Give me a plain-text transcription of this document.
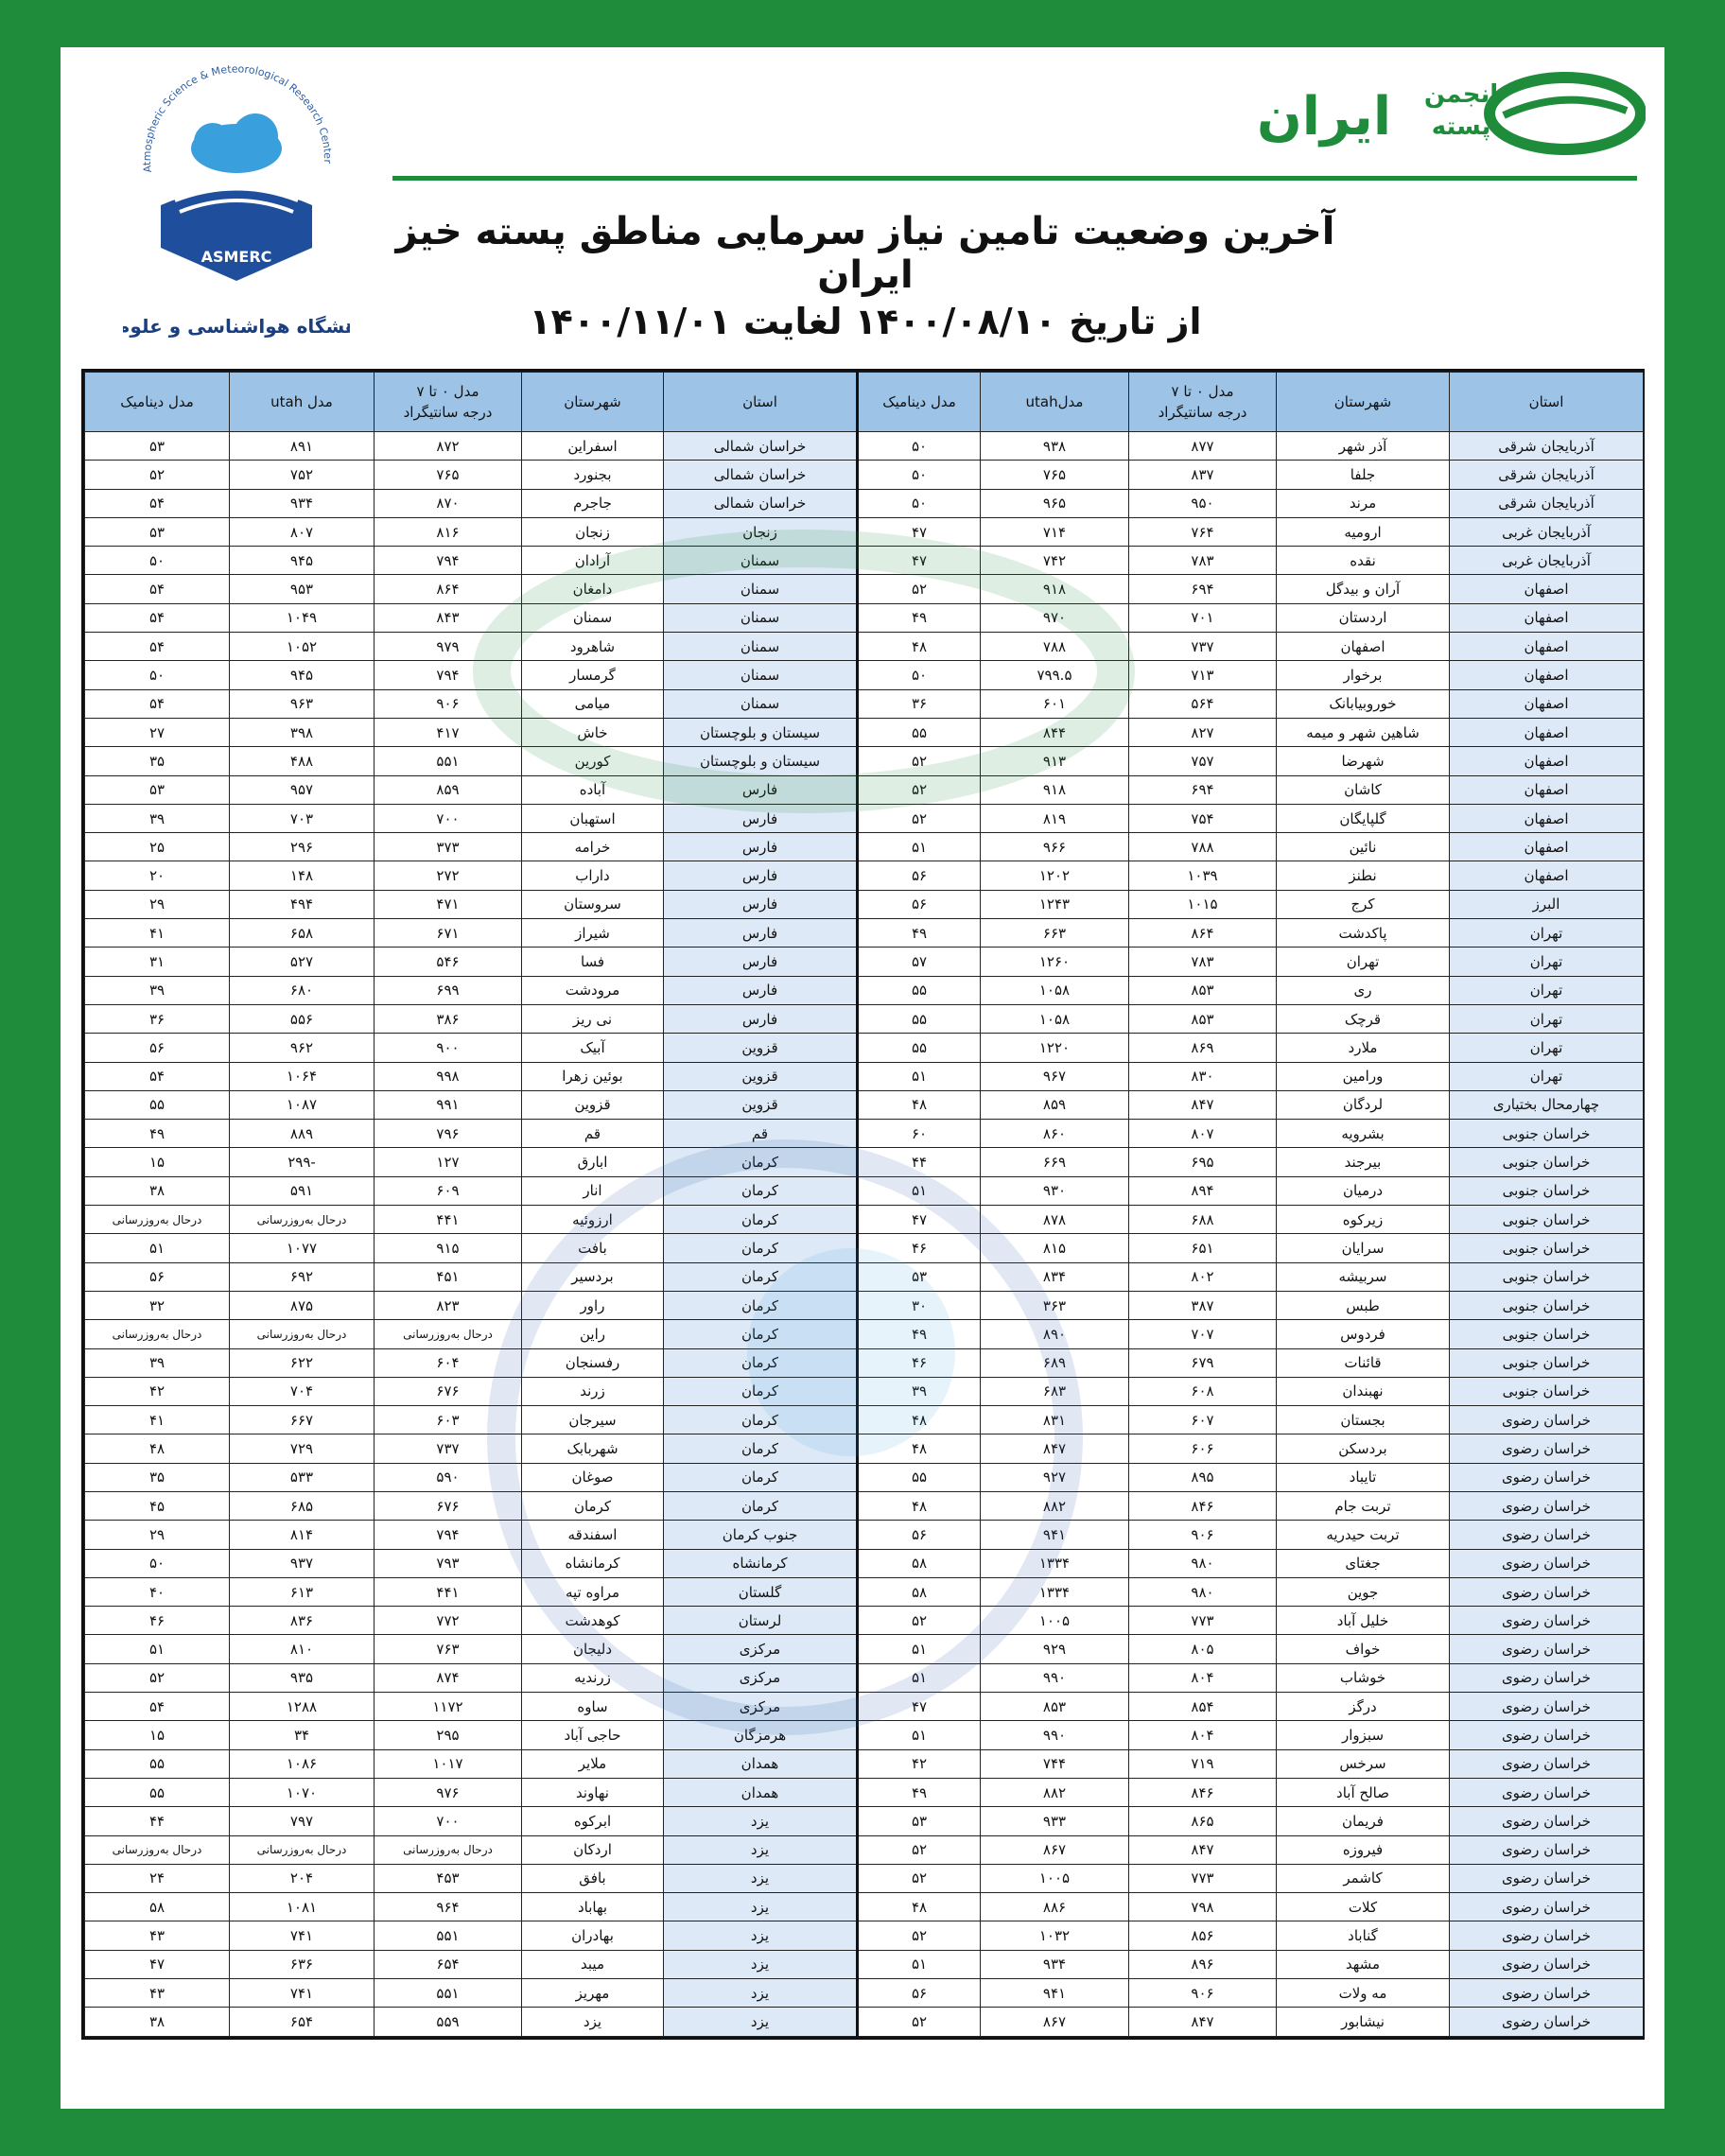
Atmospheric Science & Meteorological Research Center
ASMERC
شگاه هواشناسی و علوم
انجمن
پسته
ایران
آخرین وضعیت تامین نیاز سرمایی مناطق پسته خیز ایران
از تاریخ ۱۴۰۰/۰۸/۱۰ لغایت ۱۴۰۰/۱۱/۰۱
استان	شهرستان	مدل ۰ تا ۷
درجه سانتیگراد	مدلutah	مدل دینامیک	استان	شهرستان	مدل ۰ تا ۷
درجه سانتیگراد	مدل utah	مدل دینامیک
آذربایجان شرقی	آذر شهر	۸۷۷	۹۳۸	۵۰	خراسان شمالی	اسفراین	۸۷۲	۸۹۱	۵۳
آذربایجان شرقی	جلفا	۸۳۷	۷۶۵	۵۰	خراسان شمالی	بجنورد	۷۶۵	۷۵۲	۵۲
آذربایجان شرقی	مرند	۹۵۰	۹۶۵	۵۰	خراسان شمالی	جاجرم	۸۷۰	۹۳۴	۵۴
آذربایجان غربی	ارومیه	۷۶۴	۷۱۴	۴۷	زنجان	زنجان	۸۱۶	۸۰۷	۵۳
آذربایجان غربی	نقده	۷۸۳	۷۴۲	۴۷	سمنان	آرادان	۷۹۴	۹۴۵	۵۰
اصفهان	آران و بیدگل	۶۹۴	۹۱۸	۵۲	سمنان	دامغان	۸۶۴	۹۵۳	۵۴
اصفهان	اردستان	۷۰۱	۹۷۰	۴۹	سمنان	سمنان	۸۴۳	۱۰۴۹	۵۴
اصفهان	اصفهان	۷۳۷	۷۸۸	۴۸	سمنان	شاهرود	۹۷۹	۱۰۵۲	۵۴
اصفهان	برخوار	۷۱۳	۷۹۹.۵	۵۰	سمنان	گرمسار	۷۹۴	۹۴۵	۵۰
اصفهان	خوروبیابانک	۵۶۴	۶۰۱	۳۶	سمنان	میامی	۹۰۶	۹۶۳	۵۴
اصفهان	شاهین شهر و میمه	۸۲۷	۸۴۴	۵۵	سیستان و بلوچستان	خاش	۴۱۷	۳۹۸	۲۷
اصفهان	شهرضا	۷۵۷	۹۱۳	۵۲	سیستان و بلوچستان	کورین	۵۵۱	۴۸۸	۳۵
اصفهان	کاشان	۶۹۴	۹۱۸	۵۲	فارس	آباده	۸۵۹	۹۵۷	۵۳
اصفهان	گلپایگان	۷۵۴	۸۱۹	۵۲	فارس	استهبان	۷۰۰	۷۰۳	۳۹
اصفهان	نائین	۷۸۸	۹۶۶	۵۱	فارس	خرامه	۳۷۳	۲۹۶	۲۵
اصفهان	نطنز	۱۰۳۹	۱۲۰۲	۵۶	فارس	داراب	۲۷۲	۱۴۸	۲۰
البرز	کرج	۱۰۱۵	۱۲۴۳	۵۶	فارس	سروستان	۴۷۱	۴۹۴	۲۹
تهران	پاکدشت	۸۶۴	۶۶۳	۴۹	فارس	شیراز	۶۷۱	۶۵۸	۴۱
تهران	تهران	۷۸۳	۱۲۶۰	۵۷	فارس	فسا	۵۴۶	۵۲۷	۳۱
تهران	ری	۸۵۳	۱۰۵۸	۵۵	فارس	مرودشت	۶۹۹	۶۸۰	۳۹
تهران	قرچک	۸۵۳	۱۰۵۸	۵۵	فارس	نی ریز	۳۸۶	۵۵۶	۳۶
تهران	ملارد	۸۶۹	۱۲۲۰	۵۵	قزوین	آبیک	۹۰۰	۹۶۲	۵۶
تهران	ورامین	۸۳۰	۹۶۷	۵۱	قزوین	بوئین زهرا	۹۹۸	۱۰۶۴	۵۴
چهارمحال بختیاری	لردگان	۸۴۷	۸۵۹	۴۸	قزوین	قزوین	۹۹۱	۱۰۸۷	۵۵
خراسان جنوبی	بشرویه	۸۰۷	۸۶۰	۶۰	قم	قم	۷۹۶	۸۸۹	۴۹
خراسان جنوبی	بیرجند	۶۹۵	۶۶۹	۴۴	کرمان	ابارق	۱۲۷	-۲۹۹	۱۵
خراسان جنوبی	درمیان	۸۹۴	۹۳۰	۵۱	کرمان	انار	۶۰۹	۵۹۱	۳۸
خراسان جنوبی	زیرکوه	۶۸۸	۸۷۸	۴۷	کرمان	ارزوئیه	۴۴۱	درحال به‌روزرسانی	درحال به‌روزرسانی
خراسان جنوبی	سرایان	۶۵۱	۸۱۵	۴۶	کرمان	بافت	۹۱۵	۱۰۷۷	۵۱
خراسان جنوبی	سربیشه	۸۰۲	۸۳۴	۵۳	کرمان	بردسیر	۴۵۱	۶۹۲	۵۶
خراسان جنوبی	طبس	۳۸۷	۳۶۳	۳۰	کرمان	راور	۸۲۳	۸۷۵	۳۲
خراسان جنوبی	فردوس	۷۰۷	۸۹۰	۴۹	کرمان	راین	درحال به‌روزرسانی	درحال به‌روزرسانی	درحال به‌روزرسانی
خراسان جنوبی	قائنات	۶۷۹	۶۸۹	۴۶	کرمان	رفسنجان	۶۰۴	۶۲۲	۳۹
خراسان جنوبی	نهبندان	۶۰۸	۶۸۳	۳۹	کرمان	زرند	۶۷۶	۷۰۴	۴۲
خراسان رضوی	بجستان	۶۰۷	۸۳۱	۴۸	کرمان	سیرجان	۶۰۳	۶۶۷	۴۱
خراسان رضوی	بردسکن	۶۰۶	۸۴۷	۴۸	کرمان	شهربابک	۷۳۷	۷۲۹	۴۸
خراسان رضوی	تایباد	۸۹۵	۹۲۷	۵۵	کرمان	صوغان	۵۹۰	۵۳۳	۳۵
خراسان رضوی	تربت جام	۸۴۶	۸۸۲	۴۸	کرمان	کرمان	۶۷۶	۶۸۵	۴۵
خراسان رضوی	تربت حیدریه	۹۰۶	۹۴۱	۵۶	جنوب کرمان	اسفندقه	۷۹۴	۸۱۴	۲۹
خراسان رضوی	جغتای	۹۸۰	۱۳۳۴	۵۸	کرمانشاه	کرمانشاه	۷۹۳	۹۳۷	۵۰
خراسان رضوی	جوین	۹۸۰	۱۳۳۴	۵۸	گلستان	مراوه تپه	۴۴۱	۶۱۳	۴۰
خراسان رضوی	خلیل آباد	۷۷۳	۱۰۰۵	۵۲	لرستان	کوهدشت	۷۷۲	۸۳۶	۴۶
خراسان رضوی	خواف	۸۰۵	۹۲۹	۵۱	مرکزی	دلیجان	۷۶۳	۸۱۰	۵۱
خراسان رضوی	خوشاب	۸۰۴	۹۹۰	۵۱	مرکزی	زرندیه	۸۷۴	۹۳۵	۵۲
خراسان رضوی	درگز	۸۵۴	۸۵۳	۴۷	مرکزی	ساوه	۱۱۷۲	۱۲۸۸	۵۴
خراسان رضوی	سبزوار	۸۰۴	۹۹۰	۵۱	هرمزگان	حاجی آباد	۲۹۵	۳۴	۱۵
خراسان رضوی	سرخس	۷۱۹	۷۴۴	۴۲	همدان	ملایر	۱۰۱۷	۱۰۸۶	۵۵
خراسان رضوی	صالح آباد	۸۴۶	۸۸۲	۴۹	همدان	نهاوند	۹۷۶	۱۰۷۰	۵۵
خراسان رضوی	فریمان	۸۶۵	۹۳۳	۵۳	یزد	ابرکوه	۷۰۰	۷۹۷	۴۴
خراسان رضوی	فیروزه	۸۴۷	۸۶۷	۵۲	یزد	اردکان	درحال به‌روزرسانی	درحال به‌روزرسانی	درحال به‌روزرسانی
خراسان رضوی	کاشمر	۷۷۳	۱۰۰۵	۵۲	یزد	بافق	۴۵۳	۲۰۴	۲۴
خراسان رضوی	کلات	۷۹۸	۸۸۶	۴۸	یزد	بهاباد	۹۶۴	۱۰۸۱	۵۸
خراسان رضوی	گناباد	۸۵۶	۱۰۳۲	۵۲	یزد	بهادران	۵۵۱	۷۴۱	۴۳
خراسان رضوی	مشهد	۸۹۶	۹۳۴	۵۱	یزد	میبد	۶۵۴	۶۳۶	۴۷
خراسان رضوی	مه ولات	۹۰۶	۹۴۱	۵۶	یزد	مهریز	۵۵۱	۷۴۱	۴۳
خراسان رضوی	نیشابور	۸۴۷	۸۶۷	۵۲	یزد	یزد	۵۵۹	۶۵۴	۳۸
